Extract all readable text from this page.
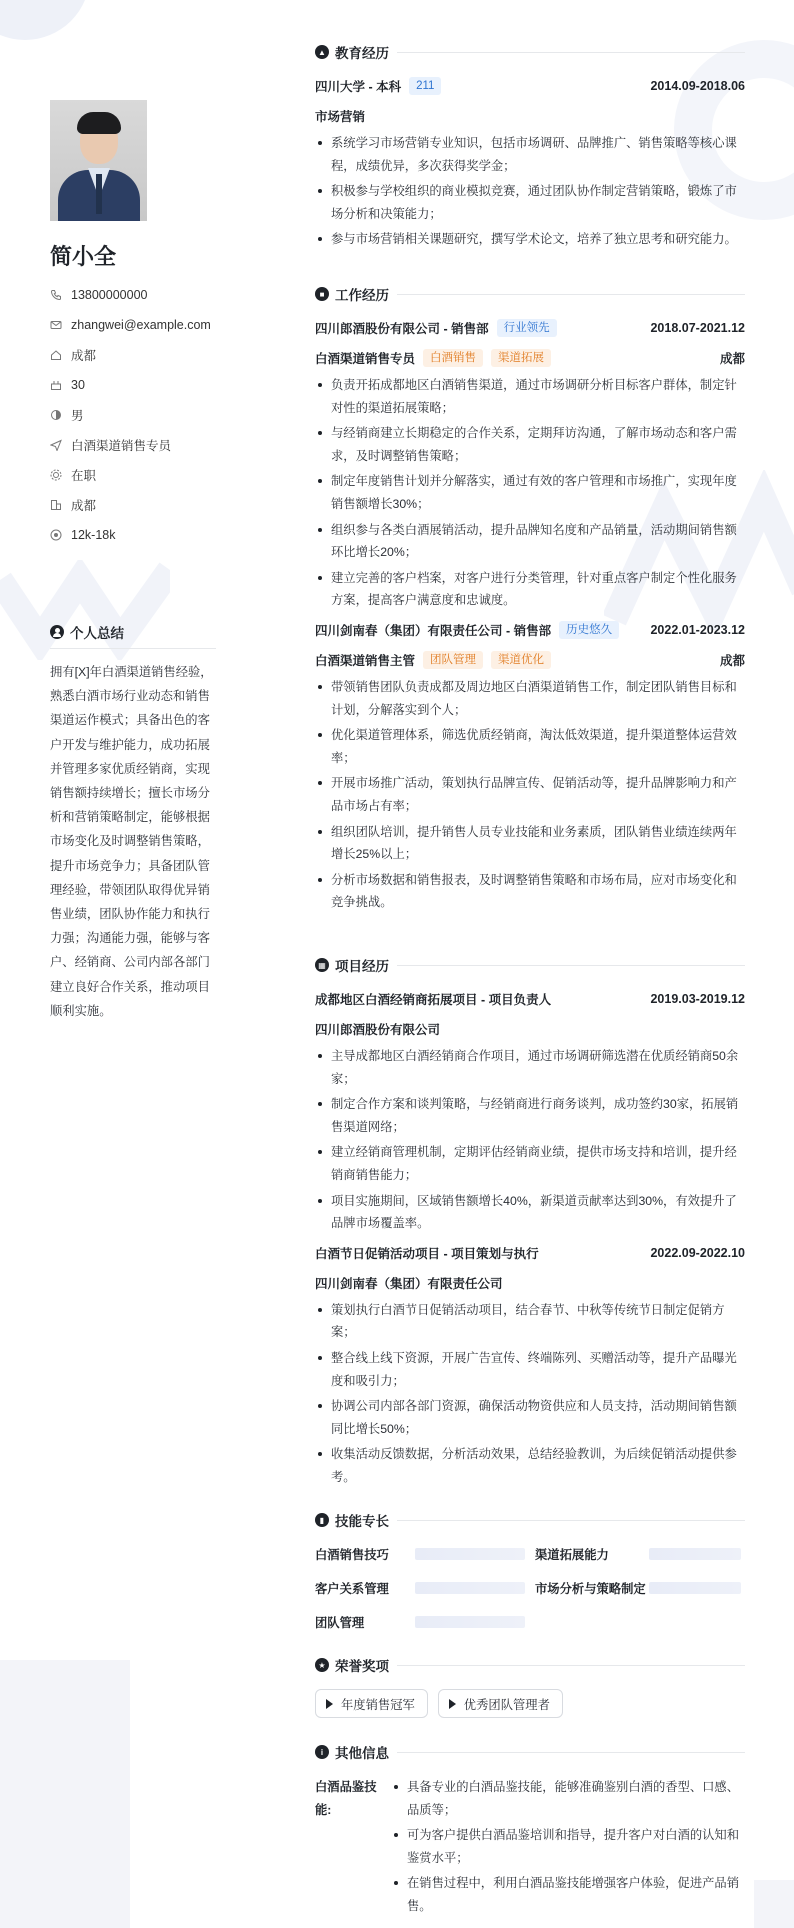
简小全
13800000000
zhangwei@example.com
成都
30
男
白酒渠道销售专员
在职
成都
12k-18k
个人总结
拥有[X]年白酒渠道销售经验，熟悉白酒市场行业动态和销售渠道运作模式；具备出色的客户开发与维护能力，成功拓展并管理多家优质经销商，实现销售额持续增长；擅长市场分析和营销策略制定，能够根据市场变化及时调整销售策略，提升市场竞争力；具备团队管理经验，带领团队取得优异销售业绩，团队协作能力和执行力强；沟通能力强，能够与客户、经销商、公司内部各部门建立良好合作关系，推动项目顺利实施。
▲ 教育经历
四川大学 - 本科	211	2014.09-2018.06
市场营销
系统学习市场营销专业知识，包括市场调研、品牌推广、销售策略等核心课程，成绩优异，多次获得奖学金；
积极参与学校组织的商业模拟竞赛，通过团队协作制定营销策略，锻炼了市场分析和决策能力；
参与市场营销相关课题研究，撰写学术论文，培养了独立思考和研究能力。
■ 工作经历
四川郎酒股份有限公司 - 销售部	行业领先	2018.07-2021.12
白酒渠道销售专员	白酒销售	渠道拓展	成都
负责开拓成都地区白酒销售渠道，通过市场调研分析目标客户群体，制定针对性的渠道拓展策略；
与经销商建立长期稳定的合作关系，定期拜访沟通，了解市场动态和客户需求，及时调整销售策略；
制定年度销售计划并分解落实，通过有效的客户管理和市场推广，实现年度销售额增长30%；
组织参与各类白酒展销活动，提升品牌知名度和产品销量，活动期间销售额环比增长20%；
建立完善的客户档案，对客户进行分类管理，针对重点客户制定个性化服务方案，提高客户满意度和忠诚度。
四川剑南春（集团）有限责任公司 - 销售部	历史悠久	2022.01-2023.12
白酒渠道销售主管	团队管理	渠道优化	成都
带领销售团队负责成都及周边地区白酒渠道销售工作，制定团队销售目标和计划，分解落实到个人；
优化渠道管理体系，筛选优质经销商，淘汰低效渠道，提升渠道整体运营效率；
开展市场推广活动，策划执行品牌宣传、促销活动等，提升品牌影响力和产品市场占有率；
组织团队培训，提升销售人员专业技能和业务素质，团队销售业绩连续两年增长25%以上；
分析市场数据和销售报表，及时调整销售策略和市场布局，应对市场变化和竞争挑战。
▦ 项目经历
成都地区白酒经销商拓展项目 - 项目负责人	2019.03-2019.12
四川郎酒股份有限公司
主导成都地区白酒经销商合作项目，通过市场调研筛选潜在优质经销商50余家；
制定合作方案和谈判策略，与经销商进行商务谈判，成功签约30家，拓展销售渠道网络；
建立经销商管理机制，定期评估经销商业绩，提供市场支持和培训，提升经销商销售能力；
项目实施期间，区域销售额增长40%，新渠道贡献率达到30%，有效提升了品牌市场覆盖率。
白酒节日促销活动项目 - 项目策划与执行	2022.09-2022.10
四川剑南春（集团）有限责任公司
策划执行白酒节日促销活动项目，结合春节、中秋等传统节日制定促销方案；
整合线上线下资源，开展广告宣传、终端陈列、买赠活动等，提升产品曝光度和吸引力；
协调公司内部各部门资源，确保活动物资供应和人员支持，活动期间销售额同比增长50%；
收集活动反馈数据，分析活动效果，总结经验教训，为后续促销活动提供参考。
▮ 技能专长
白酒销售技巧	渠道拓展能力
客户关系管理	市场分析与策略制定
团队管理
★ 荣誉奖项
年度销售冠军	优秀团队管理者
i 其他信息
白酒品鉴技能:
具备专业的白酒品鉴技能，能够准确鉴别白酒的香型、口感、品质等；
可为客户提供白酒品鉴培训和指导，提升客户对白酒的认知和鉴赏水平；
在销售过程中，利用白酒品鉴技能增强客户体验，促进产品销售。
